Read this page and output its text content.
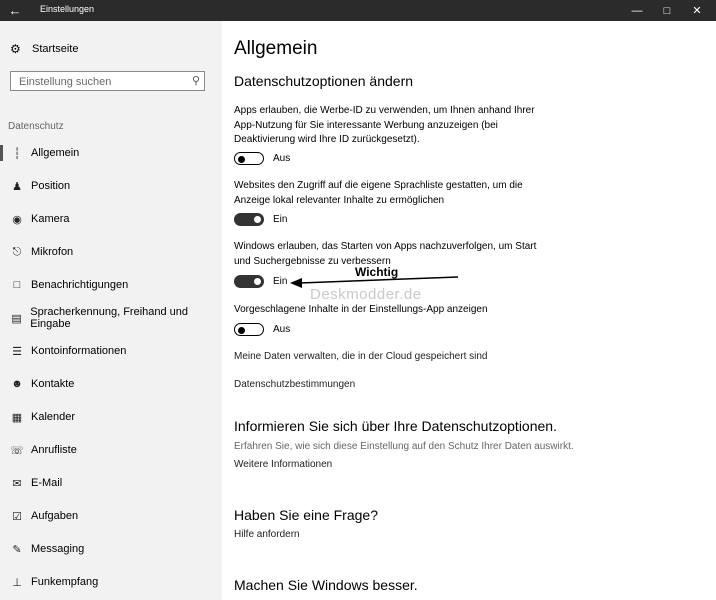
← Einstellungen	— □ ✕
⚙	Startseite
Einstellung suchen
⚲
Datenschutz
┆ Allgemein
♟ Position
◉ Kamera
⎋ Mikrofon
□ Benachrichtigungen
▤
Spracherkennung, Freihand und Eingabe
☰ Kontoinformationen
☻ Kontakte
▦ Kalender
☏ Anrufliste
✉ E-Mail
☑ Aufgaben
✎ Messaging
⊥ Funkempfang
Allgemein
Datenschutzoptionen ändern
Apps erlauben, die Werbe-ID zu verwenden, um Ihnen anhand Ihrer App-Nutzung für Sie interessante Werbung anzuzeigen (bei Deaktivierung wird Ihre ID zurückgesetzt).
Aus
Websites den Zugriff auf die eigene Sprachliste gestatten, um die Anzeige lokal relevanter Inhalte zu ermöglichen
Ein
Windows erlauben, das Starten von Apps nachzuverfolgen, um Start und Suchergebnisse zu verbessern
Ein
Wichtig
Deskmodder.de
Vorgeschlagene Inhalte in der Einstellungs-App anzeigen
Aus
Meine Daten verwalten, die in der Cloud gespeichert sind
Datenschutzbestimmungen
Informieren Sie sich über Ihre Datenschutzoptionen.
Erfahren Sie, wie sich diese Einstellung auf den Schutz Ihrer Daten auswirkt.
Weitere Informationen
Haben Sie eine Frage?
Hilfe anfordern
Machen Sie Windows besser.
